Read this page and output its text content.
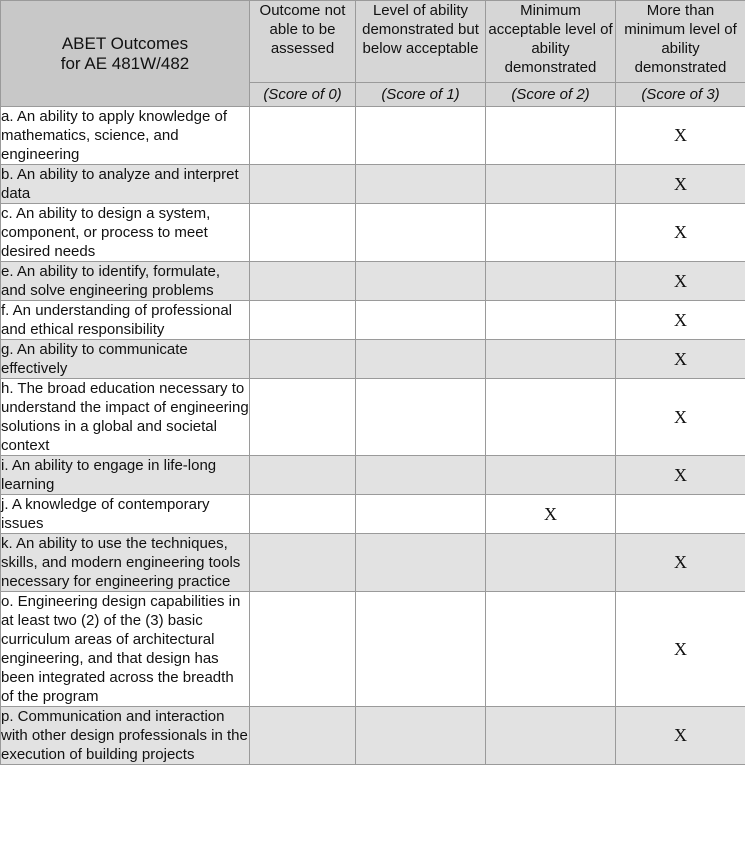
ABET Outcomes
for AE 481W/482	Outcome not able to be assessed	Level of ability demonstrated but below acceptable	Minimum acceptable level of ability demonstrated	More than minimum level of ability demonstrated
	(Score of 0)	(Score of 1)	(Score of 2)	(Score of 3)
a. An ability to apply knowledge of mathematics, science, and engineering				X
b. An ability to analyze and interpret data				X
c. An ability to design a system, component, or process to meet desired needs				X
e. An ability to identify, formulate, and solve engineering problems				X
f. An understanding of professional and ethical responsibility				X
g. An ability to communicate effectively				X
h. The broad education necessary to understand the impact of engineering solutions in a global and societal context				X
i. An ability to engage in life-long learning				X
j. A knowledge of contemporary issues			X	
k. An ability to use the techniques, skills, and modern engineering tools necessary for engineering practice				X
o. Engineering design capabilities in at least two (2) of the (3) basic curriculum areas of architectural engineering, and that design has been integrated across the breadth of the program				X
p. Communication and interaction with other design professionals in the execution of building projects				X
